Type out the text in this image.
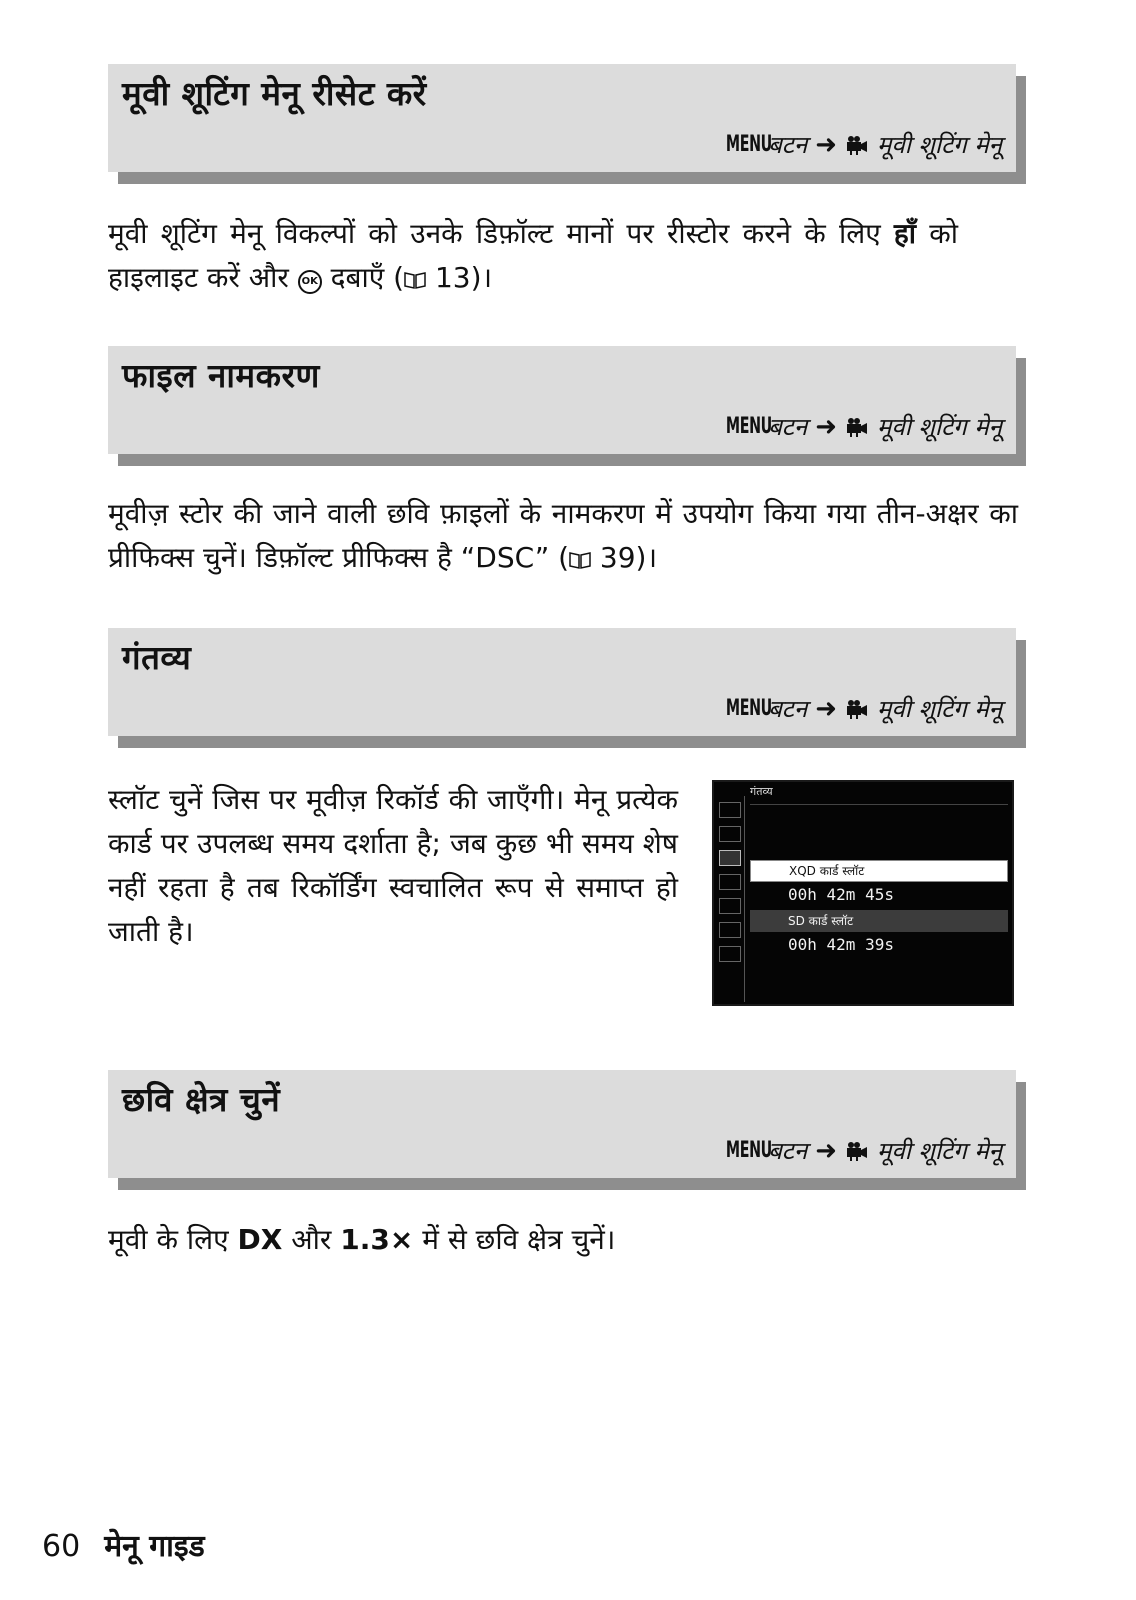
मूवी शूटिंग मेनू रीसेट करें
MENU
बटन ➜ मूवी शूटिंग मेनू

मूवी शूटिंग मेनू विकल्पों को उनके डिफ़ॉल्ट मानों पर रीस्टोर करने के लिए हाँ को हाइलाइट करें और OK दबाएँ ( 13)।

फाइल नामकरण
MENU
बटन ➜ मूवी शूटिंग मेनू

मूवीज़ स्टोर की जाने वाली छवि फ़ाइलों के नामकरण में उपयोग किया गया तीन-अक्षर का प्रीफिक्स चुनें। डिफ़ॉल्ट प्रीफिक्स है “DSC” ( 39)।

गंतव्य
MENU
बटन ➜ मूवी शूटिंग मेनू

स्लॉट चुनें जिस पर मूवीज़ रिकॉर्ड की जाएँगी। मेनू प्रत्येक कार्ड पर उपलब्ध समय दर्शाता है; जब कुछ भी समय शेष नहीं रहता है तब रिकॉर्डिंग स्वचालित रूप से समाप्त हो जाती है।

गंतव्य
XQD कार्ड स्लॉट
00h 42m 45s
SD कार्ड स्लॉट
00h 42m 39s
छवि क्षेत्र चुनें
MENU
बटन ➜ मूवी शूटिंग मेनू

मूवी के लिए DX और 1.3× में से छवि क्षेत्र चुनें।

60 मेनू गाइड
